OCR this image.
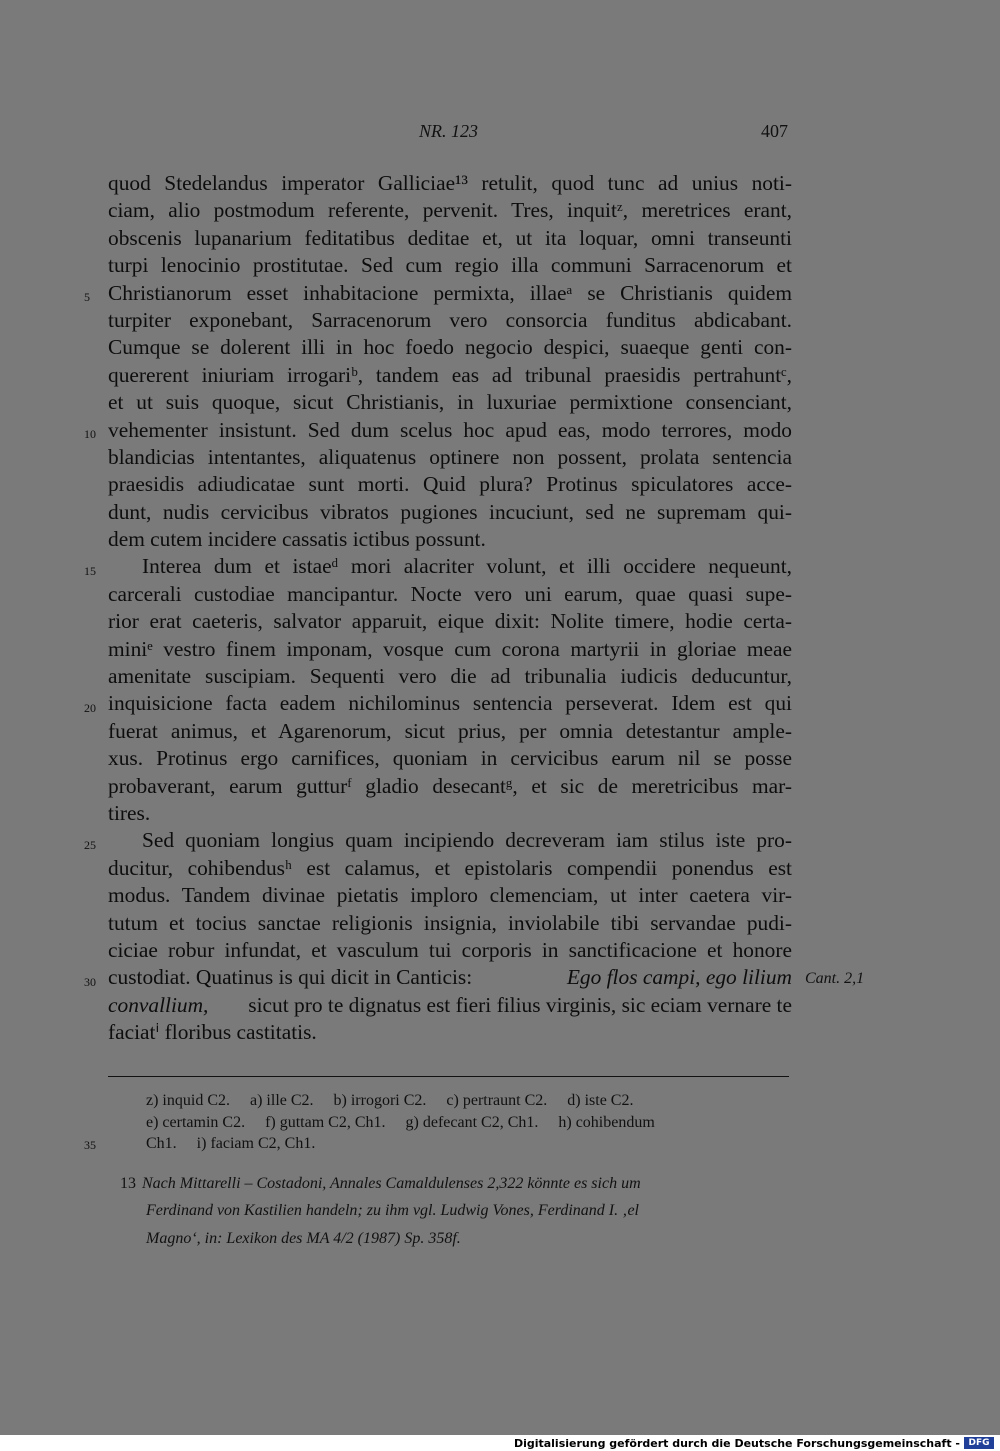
NR. 123	407
5
10
15
20
25
30
35
quod Stedelandus imperator Galliciae¹³ retulit, quod tunc ad unius noti-
ciam, alio postmodum referente, pervenit. Tres, inquitᶻ, meretrices erant,
obscenis lupanarium feditatibus deditae et, ut ita loquar, omni transeunti
turpi lenocinio prostitutae. Sed cum regio illa communi Sarracenorum et
Christianorum esset inhabitacione permixta, illaeᵃ se Christianis quidem
turpiter exponebant, Sarracenorum vero consorcia funditus abdicabant.
Cumque se dolerent illi in hoc foedo negocio despici, suaeque genti con-
quererent iniuriam irrogariᵇ, tandem eas ad tribunal praesidis pertrahuntᶜ,
et ut suis quoque, sicut Christianis, in luxuriae permixtione consenciant,
vehementer insistunt. Sed dum scelus hoc apud eas, modo terrores, modo
blandicias intentantes, aliquatenus optinere non possent, prolata sentencia
praesidis adiudicatae sunt morti. Quid plura? Protinus spiculatores acce-
dunt, nudis cervicibus vibratos pugiones incuciunt, sed ne supremam qui-
dem cutem incidere cassatis ictibus possunt.
Interea dum et istaeᵈ mori alacriter volunt, et illi occidere nequeunt,
carcerali custodiae mancipantur. Nocte vero uni earum, quae quasi supe-
rior erat caeteris, salvator apparuit, eique dixit: Nolite timere, hodie certa-
miniᵉ vestro finem imponam, vosque cum corona martyrii in gloriae meae
amenitate suscipiam. Sequenti vero die ad tribunalia iudicis deducuntur,
inquisicione facta eadem nichilominus sentencia perseverat. Idem est qui
fuerat animus, et Agarenorum, sicut prius, per omnia detestantur ample-
xus. Protinus ergo carnifices, quoniam in cervicibus earum nil se posse
probaverant, earum gutturᶠ gladio desecantᵍ, et sic de meretricibus mar-
tires.
Sed quoniam longius quam incipiendo decreveram iam stilus iste pro-
ducitur, cohibendusʰ est calamus, et epistolaris compendii ponendus est
modus. Tandem divinae pietatis imploro clemenciam, ut inter caetera vir-
tutum et tocius sanctae religionis insignia, inviolabile tibi servandae pudi-
ciciae robur infundat, et vasculum tui corporis in sanctificacione et honore
custodiat. Quatinus is qui dicit in Canticis:	Ego flos campi, ego lilium
convallium, sicut pro te dignatus est fieri filius virginis, sic eciam vernare te
faciatⁱ floribus castitatis.
Cant. 2,1
z) inquid C2.     a) ille C2.     b) irrogori C2.     c) pertraunt C2.     d) iste C2.
e) certamin C2.     f) guttam C2, Ch1.     g) defecant C2, Ch1.     h) cohibendum
Ch1.     i) faciam C2, Ch1.
13 Nach Mittarelli – Costadoni, Annales Camaldulenses 2,322 könnte es sich um
Ferdinand von Kastilien handeln; zu ihm vgl. Ludwig Vones, Ferdinand I. ‚el
Magno‘, in: Lexikon des MA 4/2 (1987) Sp. 358f.
Digitalisierung gefördert durch die Deutsche Forschungsgemeinschaft - DFG
